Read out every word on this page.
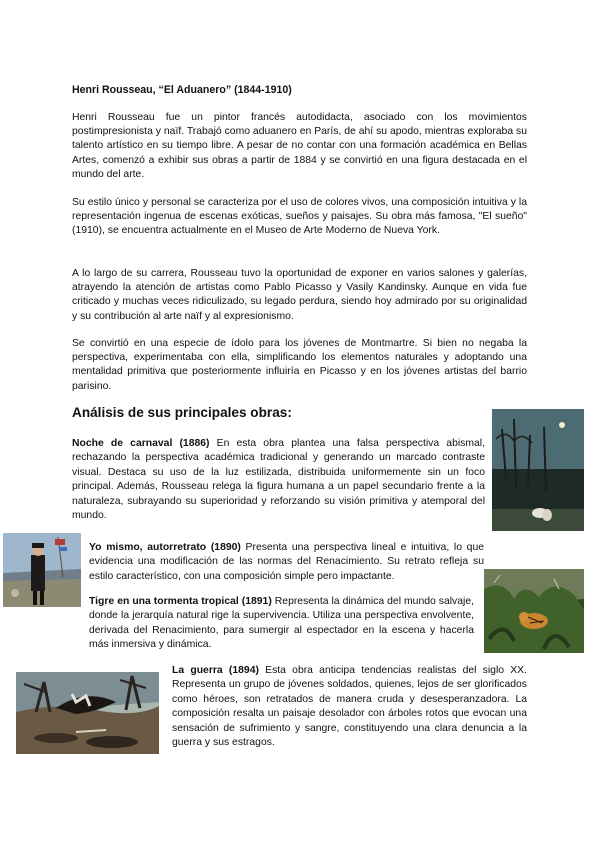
Henri Rousseau, “El Aduanero” (1844-1910)

Henri Rousseau fue un pintor francés autodidacta, asociado con los movimientos postimpresionista y naïf. Trabajó como aduanero en París, de ahí su apodo, mientras exploraba su talento artístico en su tiempo libre. A pesar de no contar con una formación académica en Bellas Artes, comenzó a exhibir sus obras a partir de 1884 y se convirtió en una figura destacada en el mundo del arte.

Su estilo único y personal se caracteriza por el uso de colores vivos, una composición intuitiva y la representación ingenua de escenas exóticas, sueños y paisajes. Su obra más famosa, "El sueño" (1910), se encuentra actualmente en el Museo de Arte Moderno de Nueva York.

A lo largo de su carrera, Rousseau tuvo la oportunidad de exponer en varios salones y galerías, atrayendo la atención de artistas como Pablo Picasso y Vasily Kandinsky. Aunque en vida fue criticado y muchas veces ridiculizado, su legado perdura, siendo hoy admirado por su originalidad y su contribución al arte naïf y al expresionismo.

Se convirtió en una especie de ídolo para los jóvenes de Montmartre. Si bien no negaba la perspectiva, experimentaba con ella, simplificando los elementos naturales y adoptando una mentalidad primitiva que posteriormente influiría en Picasso y en los jóvenes artistas del barrio parisino.

Análisis de sus principales obras:

Noche de carnaval (1886) En esta obra plantea una falsa perspectiva abismal, rechazando la perspectiva académica tradicional y generando un marcado contraste visual. Destaca su uso de la luz estilizada, distribuida uniformemente sin un foco principal. Además, Rousseau relega la figura humana a un papel secundario frente a la naturaleza, subrayando su superioridad y reforzando su visión primitiva y atemporal del mundo.

Yo mismo, autorretrato (1890) Presenta una perspectiva lineal e intuitiva, lo que evidencia una modificación de las normas del Renacimiento. Su retrato refleja su estilo característico, con una composición simple pero impactante.

Tigre en una tormenta tropical (1891) Representa la dinámica del mundo salvaje, donde la jerarquía natural rige la supervivencia. Utiliza una perspectiva envolvente, derivada del Renacimiento, para sumergir al espectador en la escena y hacerla más inmersiva y dinámica.

La guerra (1894) Esta obra anticipa tendencias realistas del siglo XX. Representa un grupo de jóvenes soldados, quienes, lejos de ser glorificados como héroes, son retratados de manera cruda y desesperanzadora. La composición resalta un paisaje desolador con árboles rotos que evocan una sensación de sufrimiento y sangre, constituyendo una clara denuncia a la guerra y sus estragos.
